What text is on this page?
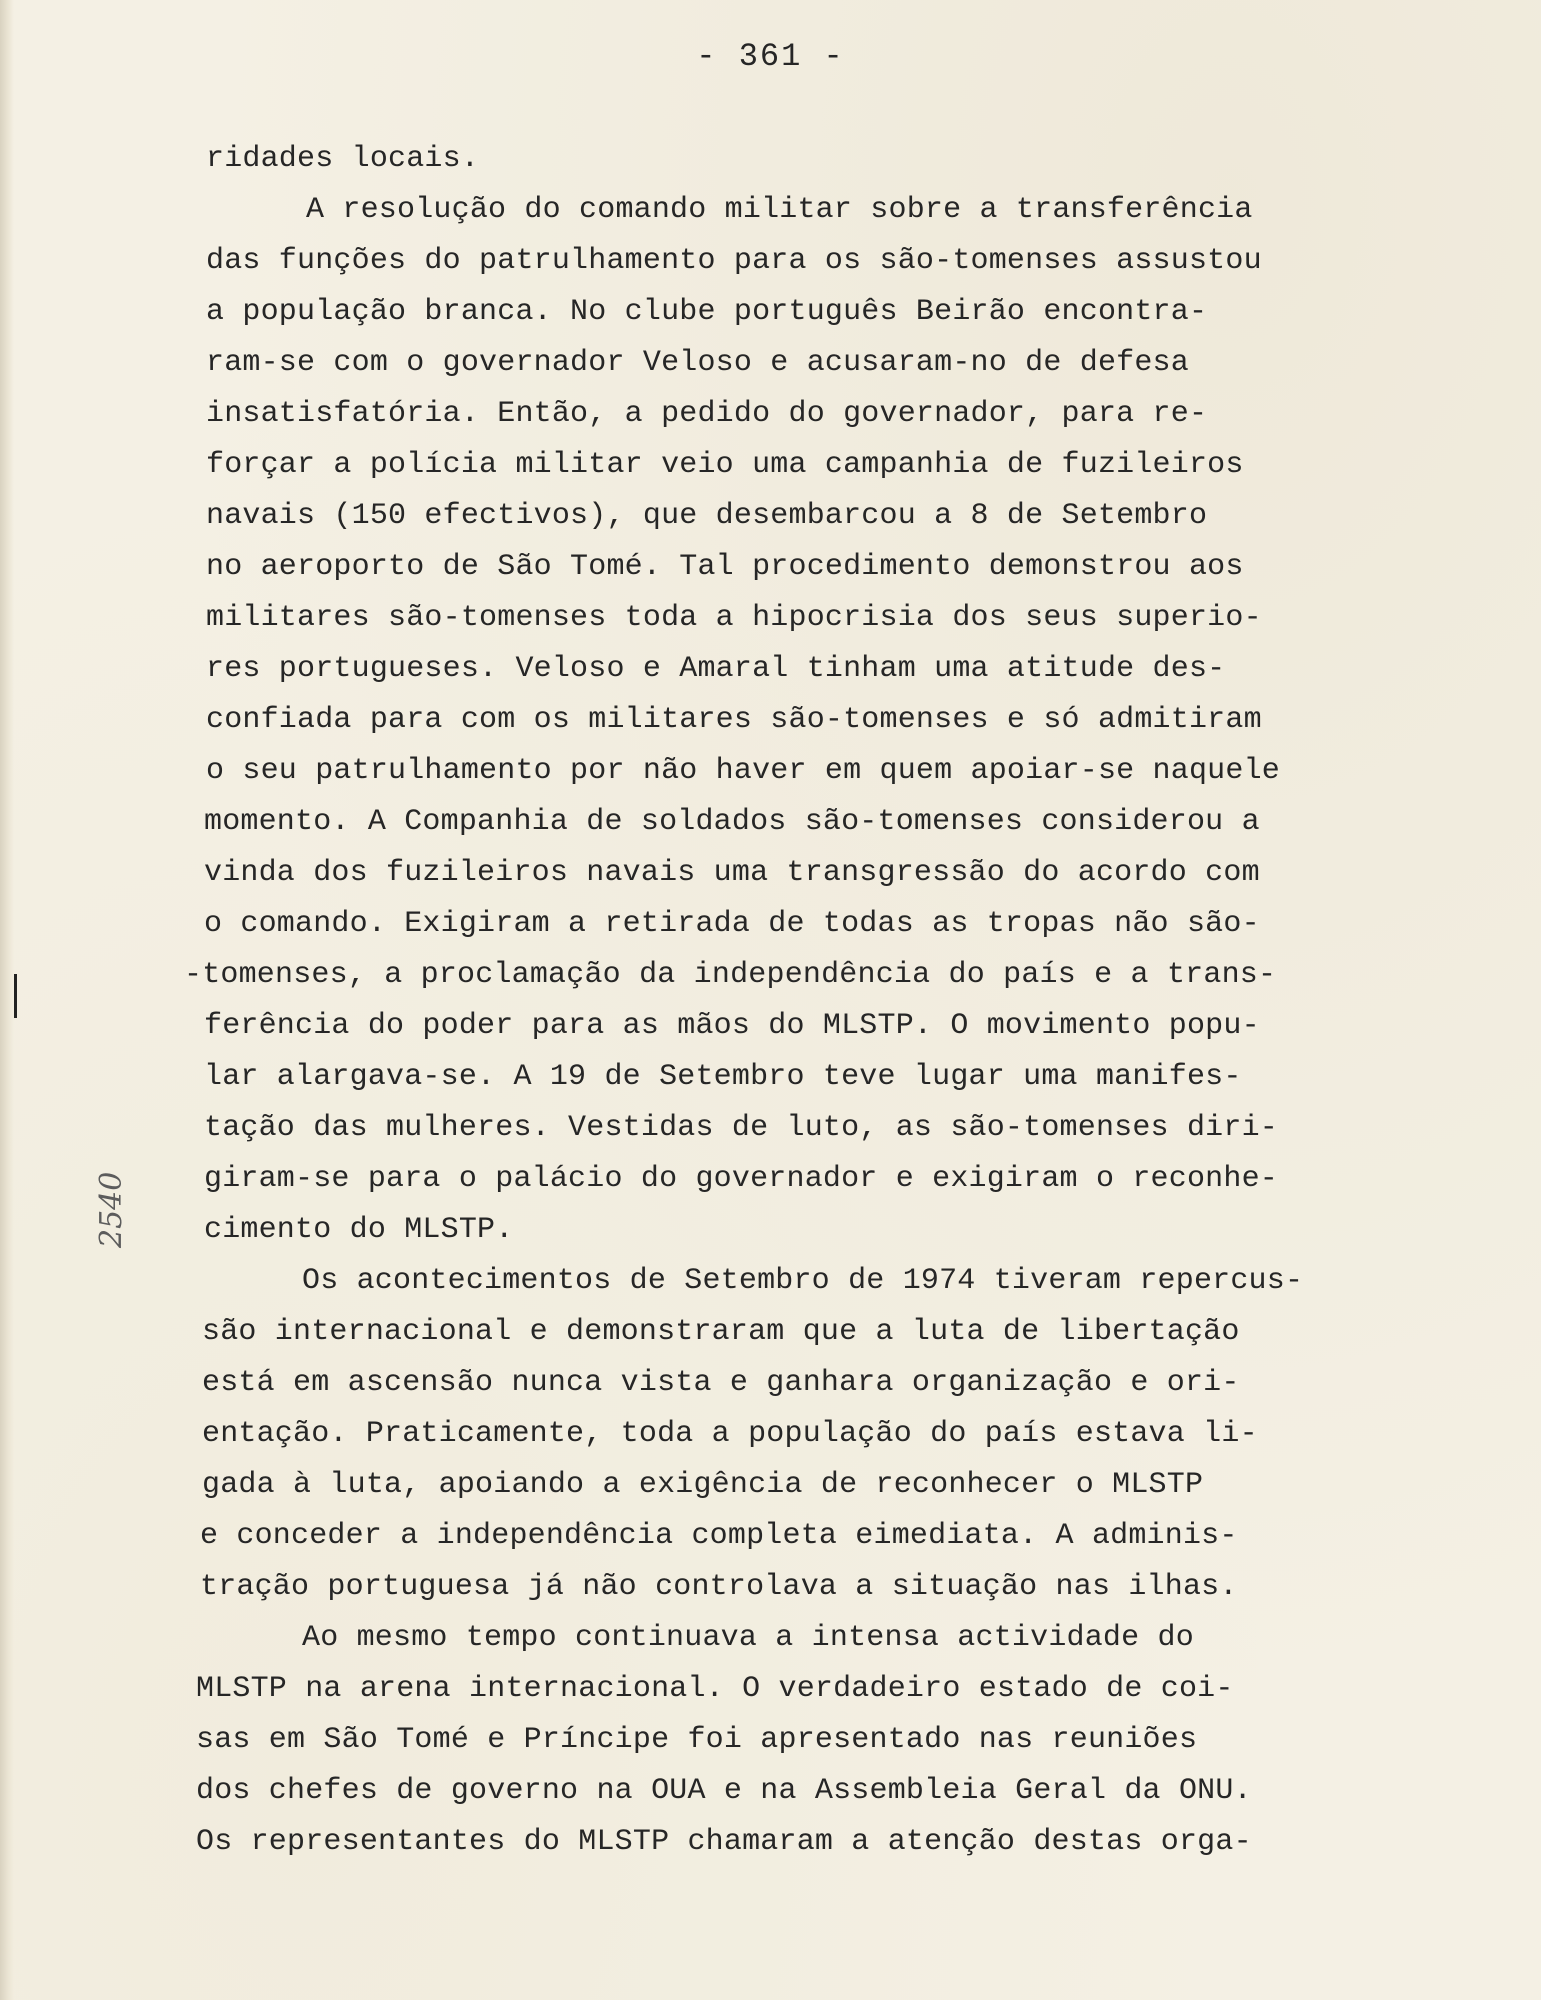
- 361 -
2540
ridades locais.
A resolução do comando militar sobre a transferência
das funções do patrulhamento para os são-tomenses assustou
a população branca. No clube português Beirão encontra-
ram-se com o governador Veloso e acusaram-no de defesa
insatisfatória. Então, a pedido do governador, para re-
forçar a polícia militar veio uma campanhia de fuzileiros
navais (150 efectivos), que desembarcou a 8 de Setembro
no aeroporto de São Tomé. Tal procedimento demonstrou aos
militares são-tomenses toda a hipocrisia dos seus superio-
res portugueses. Veloso e Amaral tinham uma atitude des-
confiada para com os militares são-tomenses e só admitiram
o seu patrulhamento por não haver em quem apoiar-se naquele
momento. A Companhia de soldados são-tomenses considerou a
vinda dos fuzileiros navais uma transgressão do acordo com
o comando. Exigiram a retirada de todas as tropas não são-
-tomenses, a proclamação da independência do país e a trans-
ferência do poder para as mãos do MLSTP. O movimento popu-
lar alargava-se. A 19 de Setembro teve lugar uma manifes-
tação das mulheres. Vestidas de luto, as são-tomenses diri-
giram-se para o palácio do governador e exigiram o reconhe-
cimento do MLSTP.
Os acontecimentos de Setembro de 1974 tiveram repercus-
são internacional e demonstraram que a luta de libertação
está em ascensão nunca vista e ganhara organização e ori-
entação. Praticamente, toda a população do país estava li-
gada à luta, apoiando a exigência de reconhecer o MLSTP
e conceder a independência completa eimediata. A adminis-
tração portuguesa já não controlava a situação nas ilhas.
Ao mesmo tempo continuava a intensa actividade do
MLSTP na arena internacional. O verdadeiro estado de coi-
sas em São Tomé e Príncipe foi apresentado nas reuniões
dos chefes de governo na OUA e na Assembleia Geral da ONU.
Os representantes do MLSTP chamaram a atenção destas orga-
